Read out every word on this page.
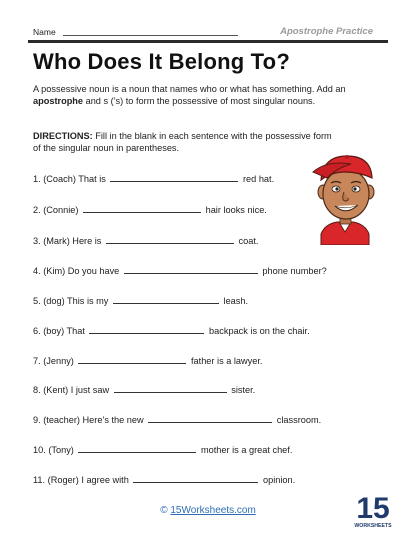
Name	Apostrophe Practice
Who Does It Belong To?
A possessive noun is a noun that names who or what has something. Add an apostrophe and s (’s) to form the possessive of most singular nouns.
DIRECTIONS: Fill in the blank in each sentence with the possessive form of the singular noun in parentheses.
1. (Coach) That is	red hat.
2. (Connie)	hair looks nice.
3. (Mark) Here is	coat.
4. (Kim) Do you have	phone number?
5. (dog) This is my	leash.
6. (boy) That	backpack is on the chair.
7. (Jenny)	father is a lawyer.
8. (Kent) I just saw	sister.
9. (teacher) Here’s the new	classroom.
10. (Tony)	mother is a great chef.
11. (Roger) I agree with	opinion.
© 15Worksheets.com	15
WORKSHEETS
